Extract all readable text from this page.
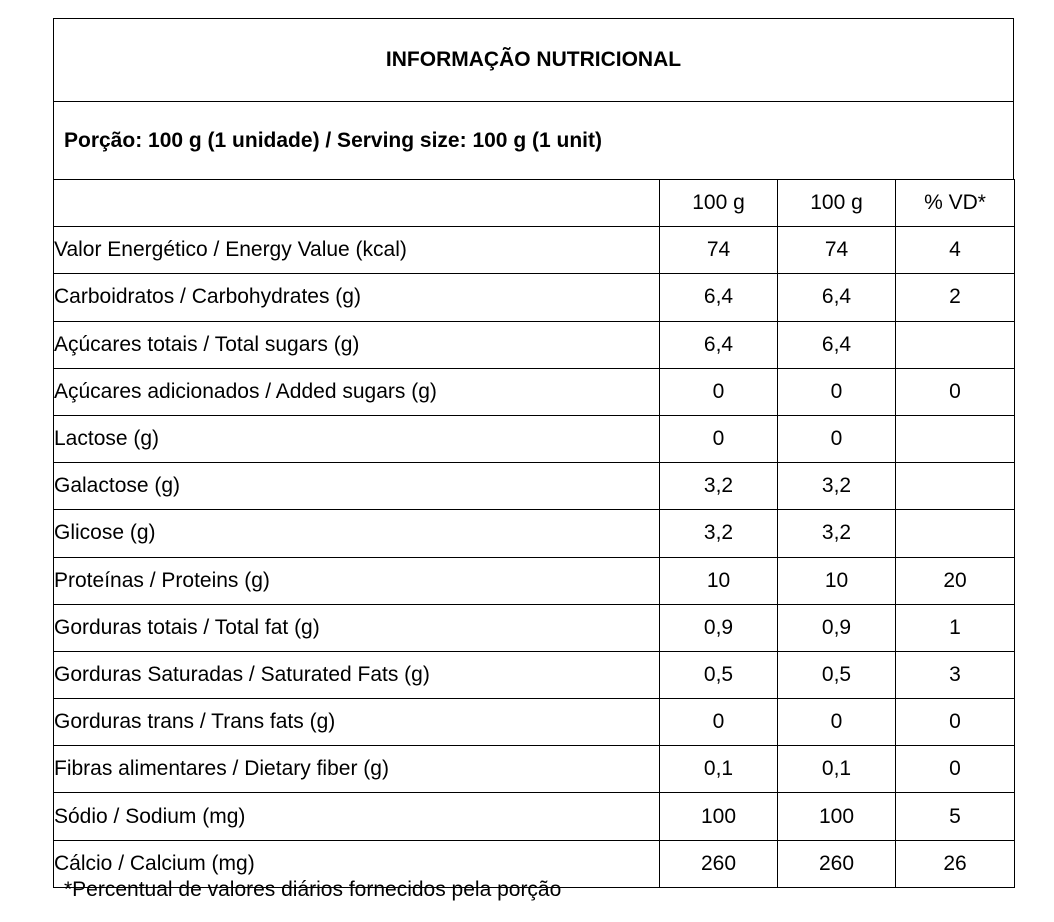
INFORMAÇÃO NUTRICIONAL
Porção: 100 g (1 unidade) / Serving size: 100 g (1 unit)
	100 g	100 g	% VD*
Valor Energético / Energy Value (kcal)	74	74	4
Carboidratos / Carbohydrates (g)	6,4	6,4	2
Açúcares totais / Total sugars (g)	6,4	6,4	
Açúcares adicionados / Added sugars (g)	0	0	0
Lactose (g)	0	0	
Galactose (g)	3,2	3,2	
Glicose (g)	3,2	3,2	
Proteínas / Proteins (g)	10	10	20
Gorduras totais / Total fat (g)	0,9	0,9	1
Gorduras Saturadas / Saturated Fats (g)	0,5	0,5	3
Gorduras trans / Trans fats (g)	0	0	0
Fibras alimentares / Dietary fiber (g)	0,1	0,1	0
Sódio / Sodium (mg)	100	100	5
Cálcio / Calcium (mg)	260	260	26
*Percentual de valores diários fornecidos pela porção
